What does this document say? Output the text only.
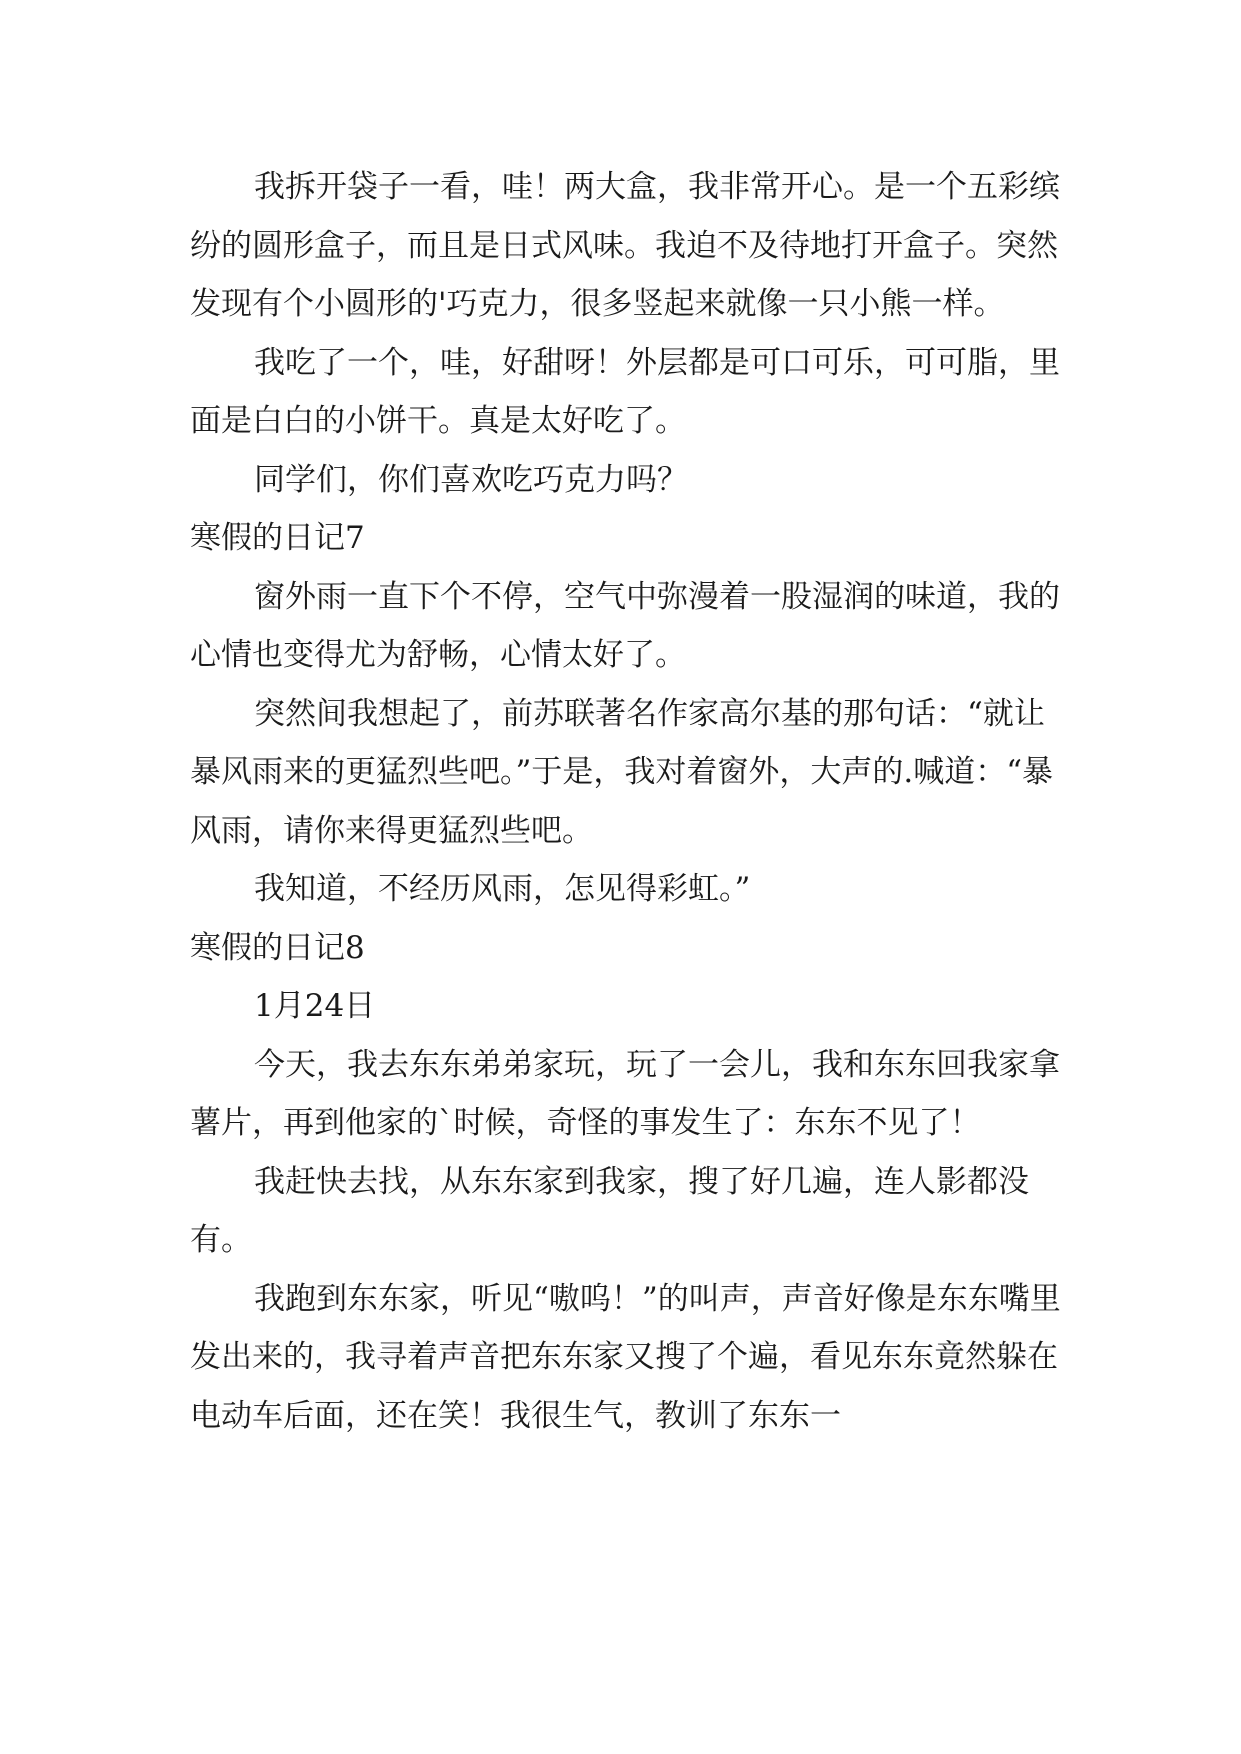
我拆开袋子一看，哇！两大盒，我非常开心。是一个五彩缤纷的圆形盒子，而且是日式风味。我迫不及待地打开盒子。突然发现有个小圆形的'巧克力，很多竖起来就像一只小熊一样。

我吃了一个，哇，好甜呀！外层都是可口可乐，可可脂，里面是白白的小饼干。真是太好吃了。

同学们，你们喜欢吃巧克力吗？

寒假的日记7

窗外雨一直下个不停，空气中弥漫着一股湿润的味道，我的心情也变得尤为舒畅，心情太好了。

突然间我想起了，前苏联著名作家高尔基的那句话：“就让暴风雨来的更猛烈些吧。”于是，我对着窗外，大声的.喊道：“暴风雨，请你来得更猛烈些吧。

我知道，不经历风雨，怎见得彩虹。”

寒假的日记8

1月24日

今天，我去东东弟弟家玩，玩了一会儿，我和东东回我家拿薯片，再到他家的`时候，奇怪的事发生了：东东不见了！

我赶快去找，从东东家到我家，搜了好几遍，连人影都没有。

我跑到东东家，听见“嗷呜！”的叫声，声音好像是东东嘴里发出来的，我寻着声音把东东家又搜了个遍，看见东东竟然躲在电动车后面，还在笑！我很生气，教训了东东一
